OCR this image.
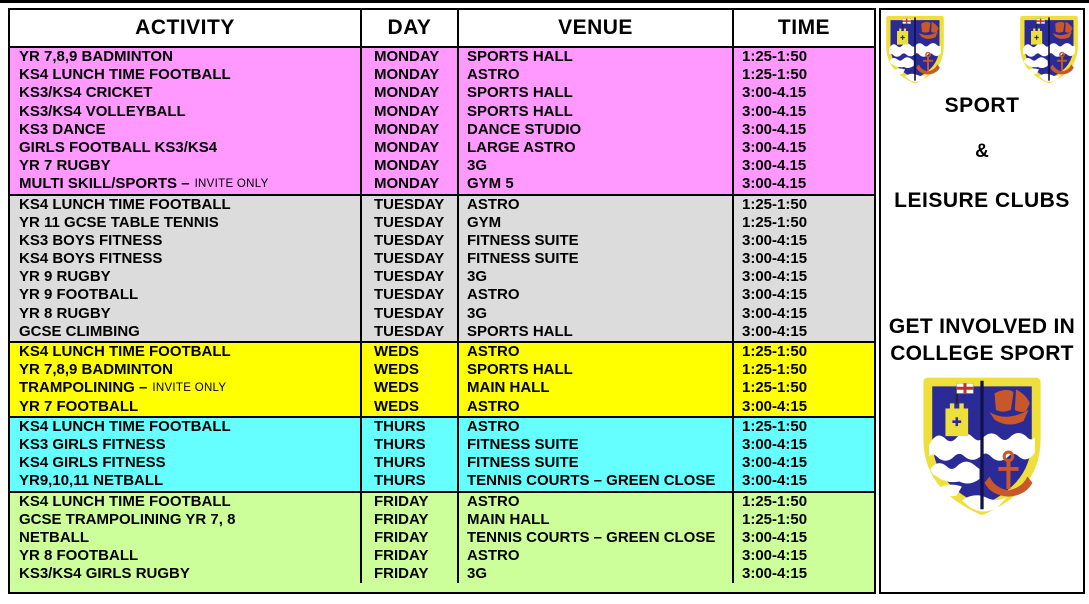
ACTIVITY	DAY	VENUE	TIME
YR 7,8,9 BADMINTON	MONDAY SPORTS HALL	1:25-1:50
KS4 LUNCH TIME FOOTBALL	MONDAY ASTRO	1:25-1:50
KS3/KS4 CRICKET	MONDAY SPORTS HALL	3:00-4.15
KS3/KS4 VOLLEYBALL	MONDAY SPORTS HALL	3:00-4.15
KS3 DANCE	MONDAY DANCE STUDIO	3:00-4.15
GIRLS FOOTBALL KS3/KS4	MONDAY LARGE ASTRO	3:00-4.15
YR 7 RUGBY	MONDAY 3G	3:00-4.15
MULTI SKILL/SPORTS – INVITE ONLY	MONDAY GYM 5	3:00-4.15
KS4 LUNCH TIME FOOTBALL	TUESDAY ASTRO	1:25-1:50
YR 11 GCSE TABLE TENNIS	TUESDAY GYM	1:25-1:50
KS3 BOYS FITNESS	TUESDAY FITNESS SUITE	3:00-4:15
KS4 BOYS FITNESS	TUESDAY FITNESS SUITE	3:00-4:15
YR 9 RUGBY	TUESDAY 3G	3:00-4:15
YR 9 FOOTBALL	TUESDAY ASTRO	3:00-4:15
YR 8 RUGBY	TUESDAY 3G	3:00-4:15
GCSE CLIMBING	TUESDAY SPORTS HALL	3:00-4:15
KS4 LUNCH TIME FOOTBALL	WEDS	ASTRO	1:25-1:50
YR 7,8,9 BADMINTON	WEDS	SPORTS HALL	1:25-1:50
TRAMPOLINING – INVITE ONLY	WEDS	MAIN HALL	1:25-1:50
YR 7 FOOTBALL	WEDS	ASTRO	3:00-4:15
KS4 LUNCH TIME FOOTBALL	THURS	ASTRO	1:25-1:50
KS3 GIRLS FITNESS	THURS	FITNESS SUITE	3:00-4:15
KS4 GIRLS FITNESS	THURS	FITNESS SUITE	3:00-4:15
YR9,10,11 NETBALL	THURS	TENNIS COURTS – GREEN CLOSE 3:00-4:15
KS4 LUNCH TIME FOOTBALL	FRIDAY	ASTRO	1:25-1:50
GCSE TRAMPOLINING YR 7, 8	FRIDAY	MAIN HALL	1:25-1:50
NETBALL	FRIDAY	TENNIS COURTS – GREEN CLOSE 3:00-4:15
YR 8 FOOTBALL	FRIDAY	ASTRO	3:00-4:15
KS3/KS4 GIRLS RUGBY	FRIDAY	3G	3:00-4:15
SPORT
&
LEISURE CLUBS
GET INVOLVED IN
COLLEGE SPORT
